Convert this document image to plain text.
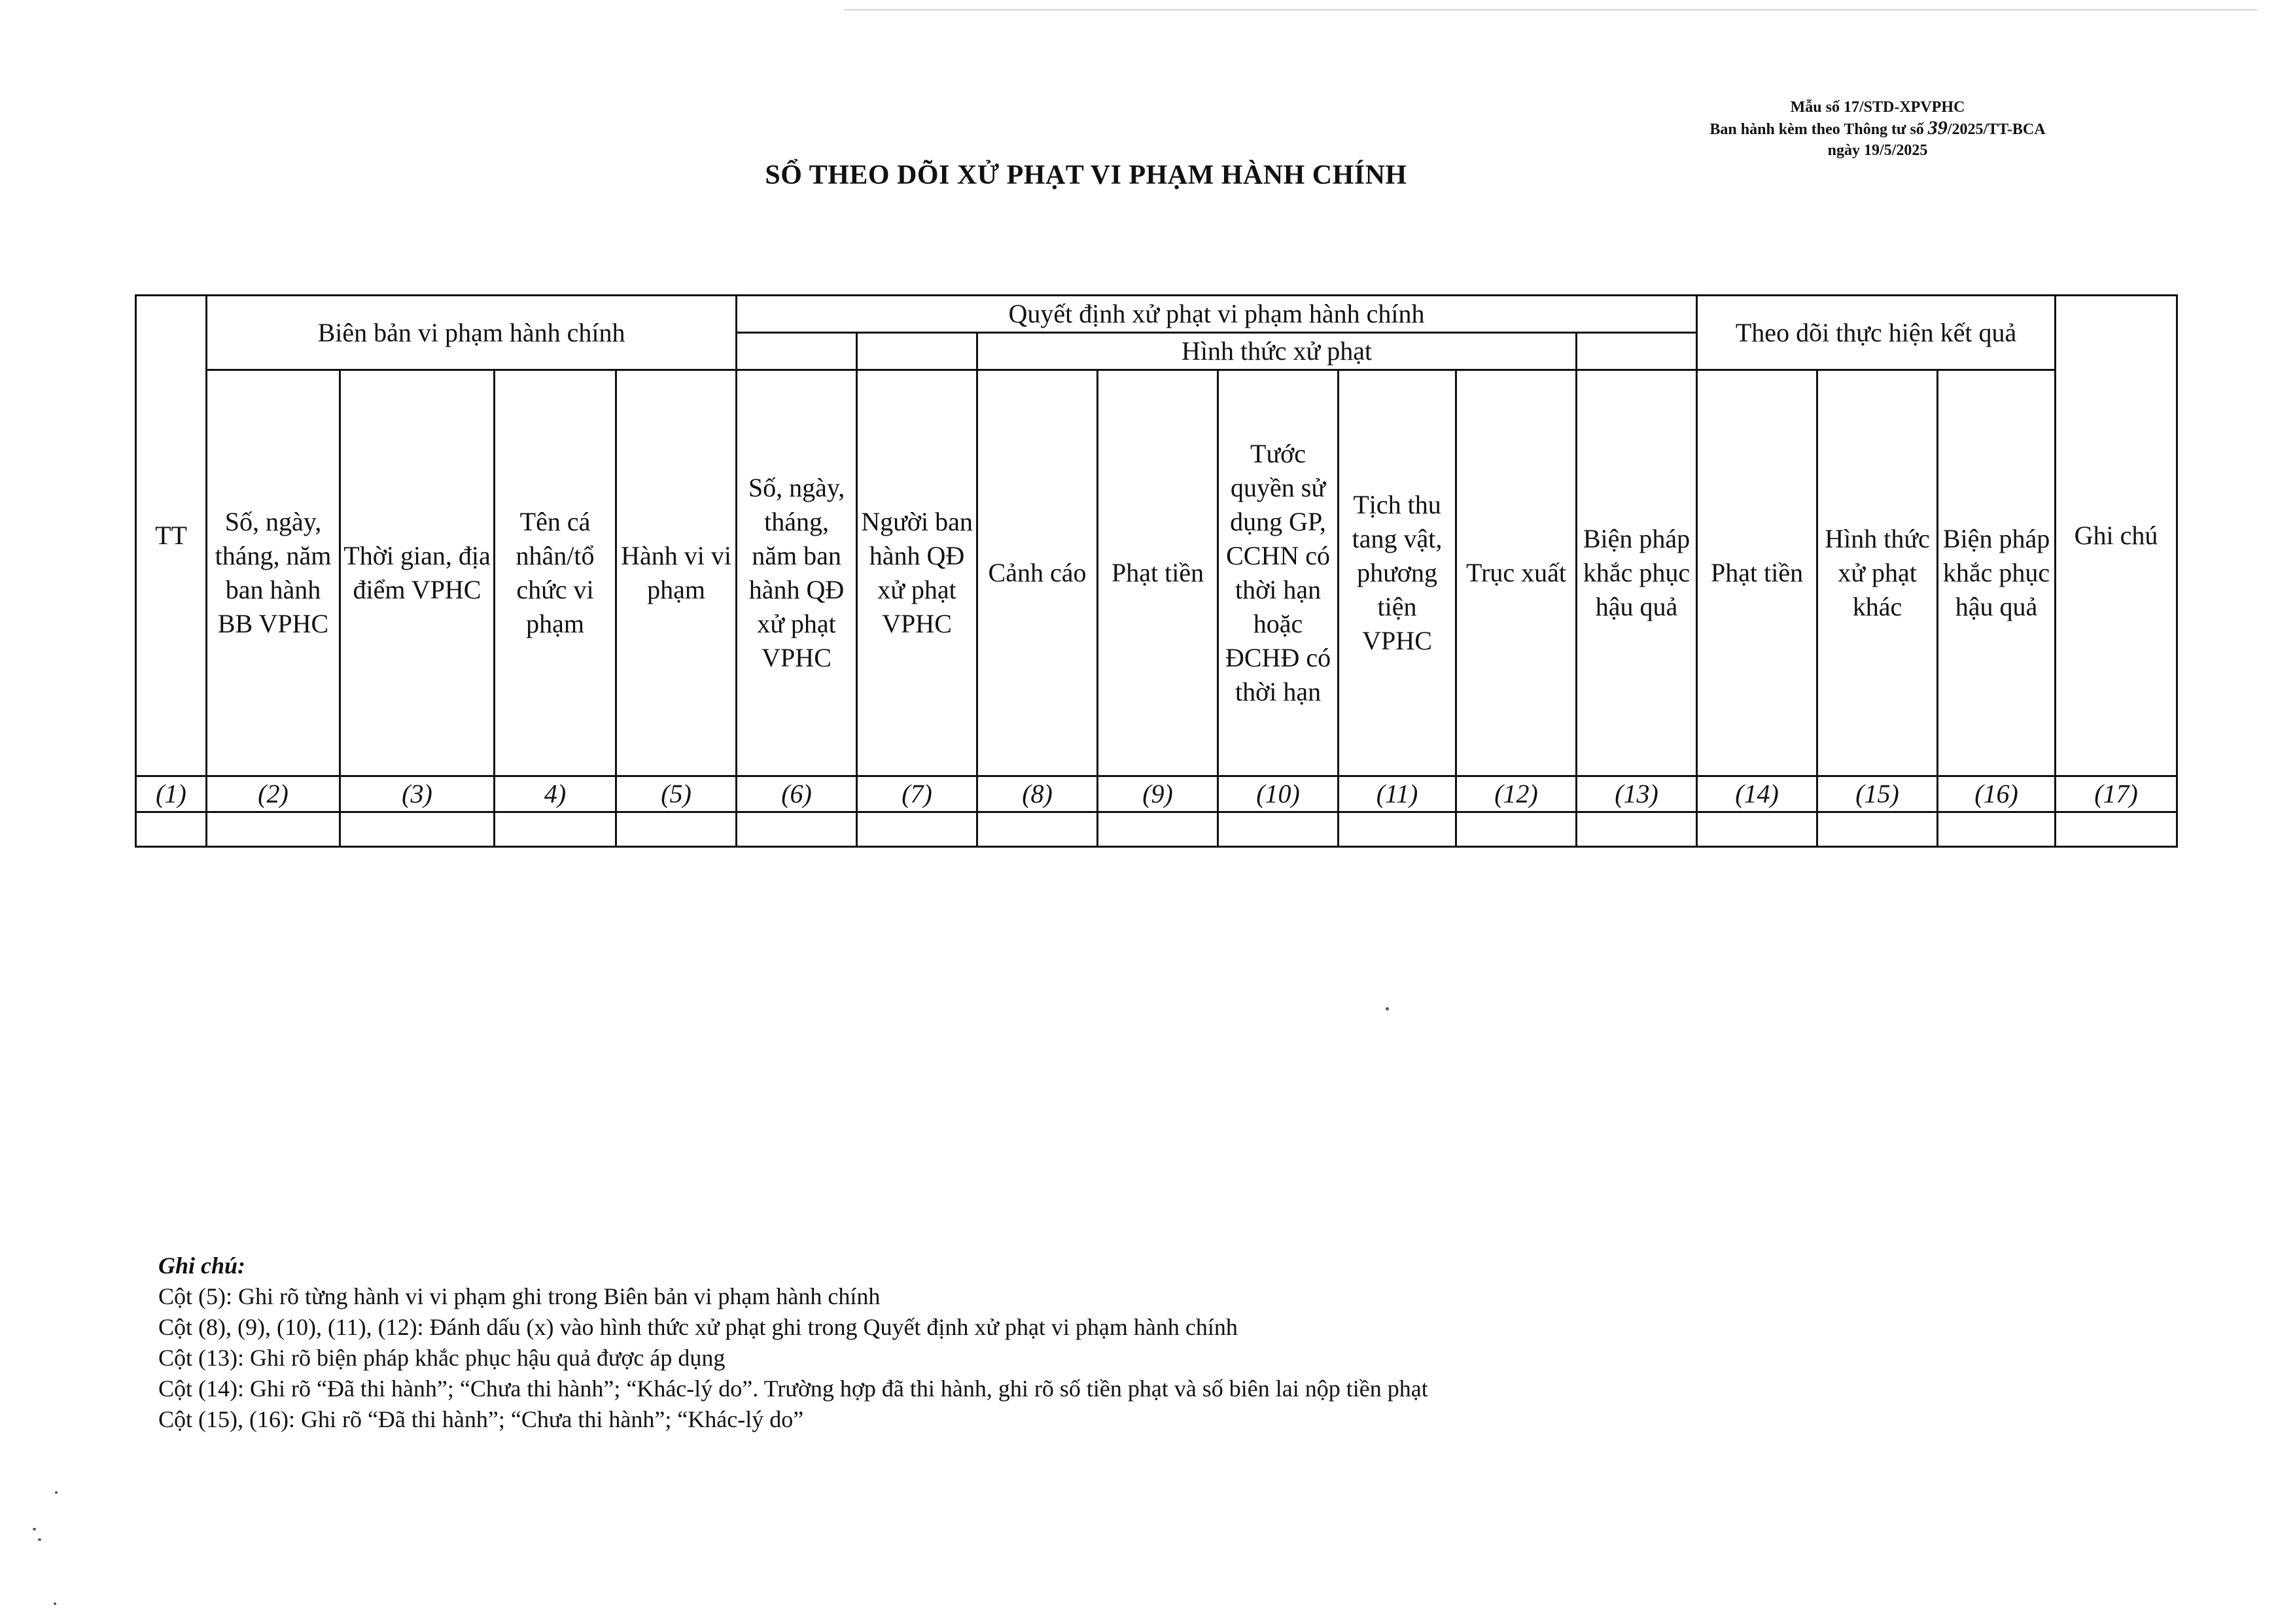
Mẫu số 17/STD-XPVPHC
Ban hành kèm theo Thông tư số 39/2025/TT-BCA
ngày 19/5/2025
SỔ THEO DÕI XỬ PHẠT VI PHẠM HÀNH CHÍNH
TT	Biên bản vi phạm hành chính				Quyết định xử phạt vi phạm hành chính								Theo dõi thực hiện kết quả			Ghi chú
							Hình thức xử phạt									
	Số, ngày, tháng, năm ban hành BB VPHC	Thời gian, địa điểm VPHC	Tên cá nhân/tổ chức vi phạm	Hành vi vi phạm	Số, ngày, tháng, năm ban hành QĐ xử phạt VPHC	Người ban hành QĐ xử phạt VPHC	Cảnh cáo	Phạt tiền	Tước quyền sử dụng GP, CCHN có thời hạn hoặc ĐCHĐ có thời hạn	Tịch thu tang vật, phương tiện VPHC	Trục xuất	Biện pháp khắc phục hậu quả	Phạt tiền	Hình thức xử phạt khác	Biện pháp khắc phục hậu quả	
(1)	(2)	(3)	4)	(5)	(6)	(7)	(8)	(9)	(10)	(11)	(12)	(13)	(14)	(15)	(16)	(17)

Ghi chú:
Cột (5): Ghi rõ từng hành vi vi phạm ghi trong Biên bản vi phạm hành chính
Cột (8), (9), (10), (11), (12): Đánh dấu (x) vào hình thức xử phạt ghi trong Quyết định xử phạt vi phạm hành chính
Cột (13): Ghi rõ biện pháp khắc phục hậu quả được áp dụng
Cột (14): Ghi rõ “Đã thi hành”; “Chưa thi hành”; “Khác-lý do”. Trường hợp đã thi hành, ghi rõ số tiền phạt và số biên lai nộp tiền phạt
Cột (15), (16): Ghi rõ “Đã thi hành”; “Chưa thi hành”; “Khác-lý do”
